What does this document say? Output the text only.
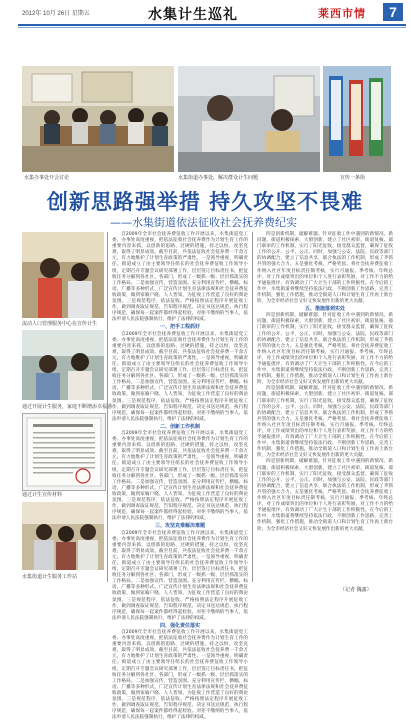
2012年 10月 26日 星期五	水集计生巡礼	莱西市情	7
水集办事处开会讨论	水集街道办事处，解决群众计生问题	宣传一条街
创新思路强举措 持久攻坚不畏难
——水集街道依法征收社会抚养费纪实
流动人口管理服务中心在宣传计生
通过开展计生服务，家庭不断增添幸福感
通过计生宣传材料
水集街道计生服务工作站

自2009年全市社会抚养费征收工作开展以来，水集街道党工委、办事处高度重视，把依法征收社会抚养费作为计划生育工作的重要内容来抓，以创新的思路、过硬的措施，持之以恒，攻坚克难，取得了明显成效。截至目前，共依法征收社会抚养费一千余万元，有力地维护了计划生育政策的严肃性。一是领导重视，明确责任。街道成立了由主要领导任组长的社会抚养费征收工作领导小组，定期召开专题会议研究部署工作，层层签订目标责任书，把征收任务分解到各社区、各部门，形成了一级抓一级、层层抓落实的工作格局。二是加强宣传，营造氛围。充分利用宣传栏、横幅、标语、广播等多种形式，广泛宣传计划生育法律法规和社会抚养费征收政策，做到家喻户晓、人人皆知，为征收工作营造了良好的舆论氛围。三是规范程序，依法征收。严格按照法定程序开展征收工作，做到调查取证规范、告知程序规范、决定书送达规范、执行程序规范，确保每一起案件都经得起检验。对拒不缴纳的当事人，依法申请人民法院强制执行，维护了法律的权威。

一、把手工程抓好

自2009年全市社会抚养费征收工作开展以来，水集街道党工委、办事处高度重视，把依法征收社会抚养费作为计划生育工作的重要内容来抓，以创新的思路、过硬的措施，持之以恒，攻坚克难，取得了明显成效。截至目前，共依法征收社会抚养费一千余万元，有力地维护了计划生育政策的严肃性。一是领导重视，明确责任。街道成立了由主要领导任组长的社会抚养费征收工作领导小组，定期召开专题会议研究部署工作，层层签订目标责任书，把征收任务分解到各社区、各部门，形成了一级抓一级、层层抓落实的工作格局。二是加强宣传，营造氛围。充分利用宣传栏、横幅、标语、广播等多种形式，广泛宣传计划生育法律法规和社会抚养费征收政策，做到家喻户晓、人人皆知，为征收工作营造了良好的舆论氛围。三是规范程序，依法征收。严格按照法定程序开展征收工作，做到调查取证规范、告知程序规范、决定书送达规范、执行程序规范，确保每一起案件都经得起检验。对拒不缴纳的当事人，依法申请人民法院强制执行，维护了法律的权威。

二、创新工作机制

自2009年全市社会抚养费征收工作开展以来，水集街道党工委、办事处高度重视，把依法征收社会抚养费作为计划生育工作的重要内容来抓，以创新的思路、过硬的措施，持之以恒，攻坚克难，取得了明显成效。截至目前，共依法征收社会抚养费一千余万元，有力地维护了计划生育政策的严肃性。一是领导重视，明确责任。街道成立了由主要领导任组长的社会抚养费征收工作领导小组，定期召开专题会议研究部署工作，层层签订目标责任书，把征收任务分解到各社区、各部门，形成了一级抓一级、层层抓落实的工作格局。二是加强宣传，营造氛围。充分利用宣传栏、横幅、标语、广播等多种形式，广泛宣传计划生育法律法规和社会抚养费征收政策，做到家喻户晓、人人皆知，为征收工作营造了良好的舆论氛围。三是规范程序，依法征收。严格按照法定程序开展征收工作，做到调查取证规范、告知程序规范、决定书送达规范、执行程序规范，确保每一起案件都经得起检验。对拒不缴纳的当事人，依法申请人民法院强制执行，维护了法律的权威。

三、攻坚克难解决难题

自2009年全市社会抚养费征收工作开展以来，水集街道党工委、办事处高度重视，把依法征收社会抚养费作为计划生育工作的重要内容来抓，以创新的思路、过硬的措施，持之以恒，攻坚克难，取得了明显成效。截至目前，共依法征收社会抚养费一千余万元，有力地维护了计划生育政策的严肃性。一是领导重视，明确责任。街道成立了由主要领导任组长的社会抚养费征收工作领导小组，定期召开专题会议研究部署工作，层层签订目标责任书，把征收任务分解到各社区、各部门，形成了一级抓一级、层层抓落实的工作格局。二是加强宣传，营造氛围。充分利用宣传栏、横幅、标语、广播等多种形式，广泛宣传计划生育法律法规和社会抚养费征收政策，做到家喻户晓、人人皆知，为征收工作营造了良好的舆论氛围。三是规范程序，依法征收。严格按照法定程序开展征收工作，做到调查取证规范、告知程序规范、决定书送达规范、执行程序规范，确保每一起案件都经得起检验。对拒不缴纳的当事人，依法申请人民法院强制执行，维护了法律的权威。

四、强化责任落实

自2009年全市社会抚养费征收工作开展以来，水集街道党工委、办事处高度重视，把依法征收社会抚养费作为计划生育工作的重要内容来抓，以创新的思路、过硬的措施，持之以恒，攻坚克难，取得了明显成效。截至目前，共依法征收社会抚养费一千余万元，有力地维护了计划生育政策的严肃性。一是领导重视，明确责任。街道成立了由主要领导任组长的社会抚养费征收工作领导小组，定期召开专题会议研究部署工作，层层签订目标责任书，把征收任务分解到各社区、各部门，形成了一级抓一级、层层抓落实的工作格局。二是加强宣传，营造氛围。充分利用宣传栏、横幅、标语、广播等多种形式，广泛宣传计划生育法律法规和社会抚养费征收政策，做到家喻户晓、人人皆知，为征收工作营造了良好的舆论氛围。三是规范程序，依法征收。严格按照法定程序开展征收工作，做到调查取证规范、告知程序规范、决定书送达规范、执行程序规范，确保每一起案件都经得起检验。对拒不缴纳的当事人，依法申请人民法院强制执行，维护了法律的权威。

四是创新机制，破解难题。针对征收工作中遇到的新情况、新问题，街道积极探索，大胆创新，建立了社区初审、街道复核、部门联审的工作机制，实行了阳光征收，接受群众监督，确保了征收工作的公开、公平、公正。同时，加强与公安、法院、民政等部门的协调配合，建立了信息共享、联合执法的工作机制，形成了齐抓共管的强大合力。五是强化考核，严格奖惩。将社会抚养费征收工作纳入社区年度目标责任制考核，实行月通报、季考核、年终总评，对工作成绩突出的单位和个人进行表彰奖励，对工作不力的给予通报批评，有效调动了广大计生干部的工作积极性。在今后的工作中，水集街道将继续坚持依法行政，不断创新工作思路，完善工作机制，强化工作措施，推动全街道人口和计划生育工作再上新台阶，为全市经济社会又好又快发展作出新的更大贡献。

五、措施落到实处

四是创新机制，破解难题。针对征收工作中遇到的新情况、新问题，街道积极探索，大胆创新，建立了社区初审、街道复核、部门联审的工作机制，实行了阳光征收，接受群众监督，确保了征收工作的公开、公平、公正。同时，加强与公安、法院、民政等部门的协调配合，建立了信息共享、联合执法的工作机制，形成了齐抓共管的强大合力。五是强化考核，严格奖惩。将社会抚养费征收工作纳入社区年度目标责任制考核，实行月通报、季考核、年终总评，对工作成绩突出的单位和个人进行表彰奖励，对工作不力的给予通报批评，有效调动了广大计生干部的工作积极性。在今后的工作中，水集街道将继续坚持依法行政，不断创新工作思路，完善工作机制，强化工作措施，推动全街道人口和计划生育工作再上新台阶，为全市经济社会又好又快发展作出新的更大贡献。

四是创新机制，破解难题。针对征收工作中遇到的新情况、新问题，街道积极探索，大胆创新，建立了社区初审、街道复核、部门联审的工作机制，实行了阳光征收，接受群众监督，确保了征收工作的公开、公平、公正。同时，加强与公安、法院、民政等部门的协调配合，建立了信息共享、联合执法的工作机制，形成了齐抓共管的强大合力。五是强化考核，严格奖惩。将社会抚养费征收工作纳入社区年度目标责任制考核，实行月通报、季考核、年终总评，对工作成绩突出的单位和个人进行表彰奖励，对工作不力的给予通报批评，有效调动了广大计生干部的工作积极性。在今后的工作中，水集街道将继续坚持依法行政，不断创新工作思路，完善工作机制，强化工作措施，推动全街道人口和计划生育工作再上新台阶，为全市经济社会又好又快发展作出新的更大贡献。

四是创新机制，破解难题。针对征收工作中遇到的新情况、新问题，街道积极探索，大胆创新，建立了社区初审、街道复核、部门联审的工作机制，实行了阳光征收，接受群众监督，确保了征收工作的公开、公平、公正。同时，加强与公安、法院、民政等部门的协调配合，建立了信息共享、联合执法的工作机制，形成了齐抓共管的强大合力。五是强化考核，严格奖惩。将社会抚养费征收工作纳入社区年度目标责任制考核，实行月通报、季考核、年终总评，对工作成绩突出的单位和个人进行表彰奖励，对工作不力的给予通报批评，有效调动了广大计生干部的工作积极性。在今后的工作中，水集街道将继续坚持依法行政，不断创新工作思路，完善工作机制，强化工作措施，推动全街道人口和计划生育工作再上新台阶，为全市经济社会又好又快发展作出新的更大贡献。

（记者 魏鑫）
